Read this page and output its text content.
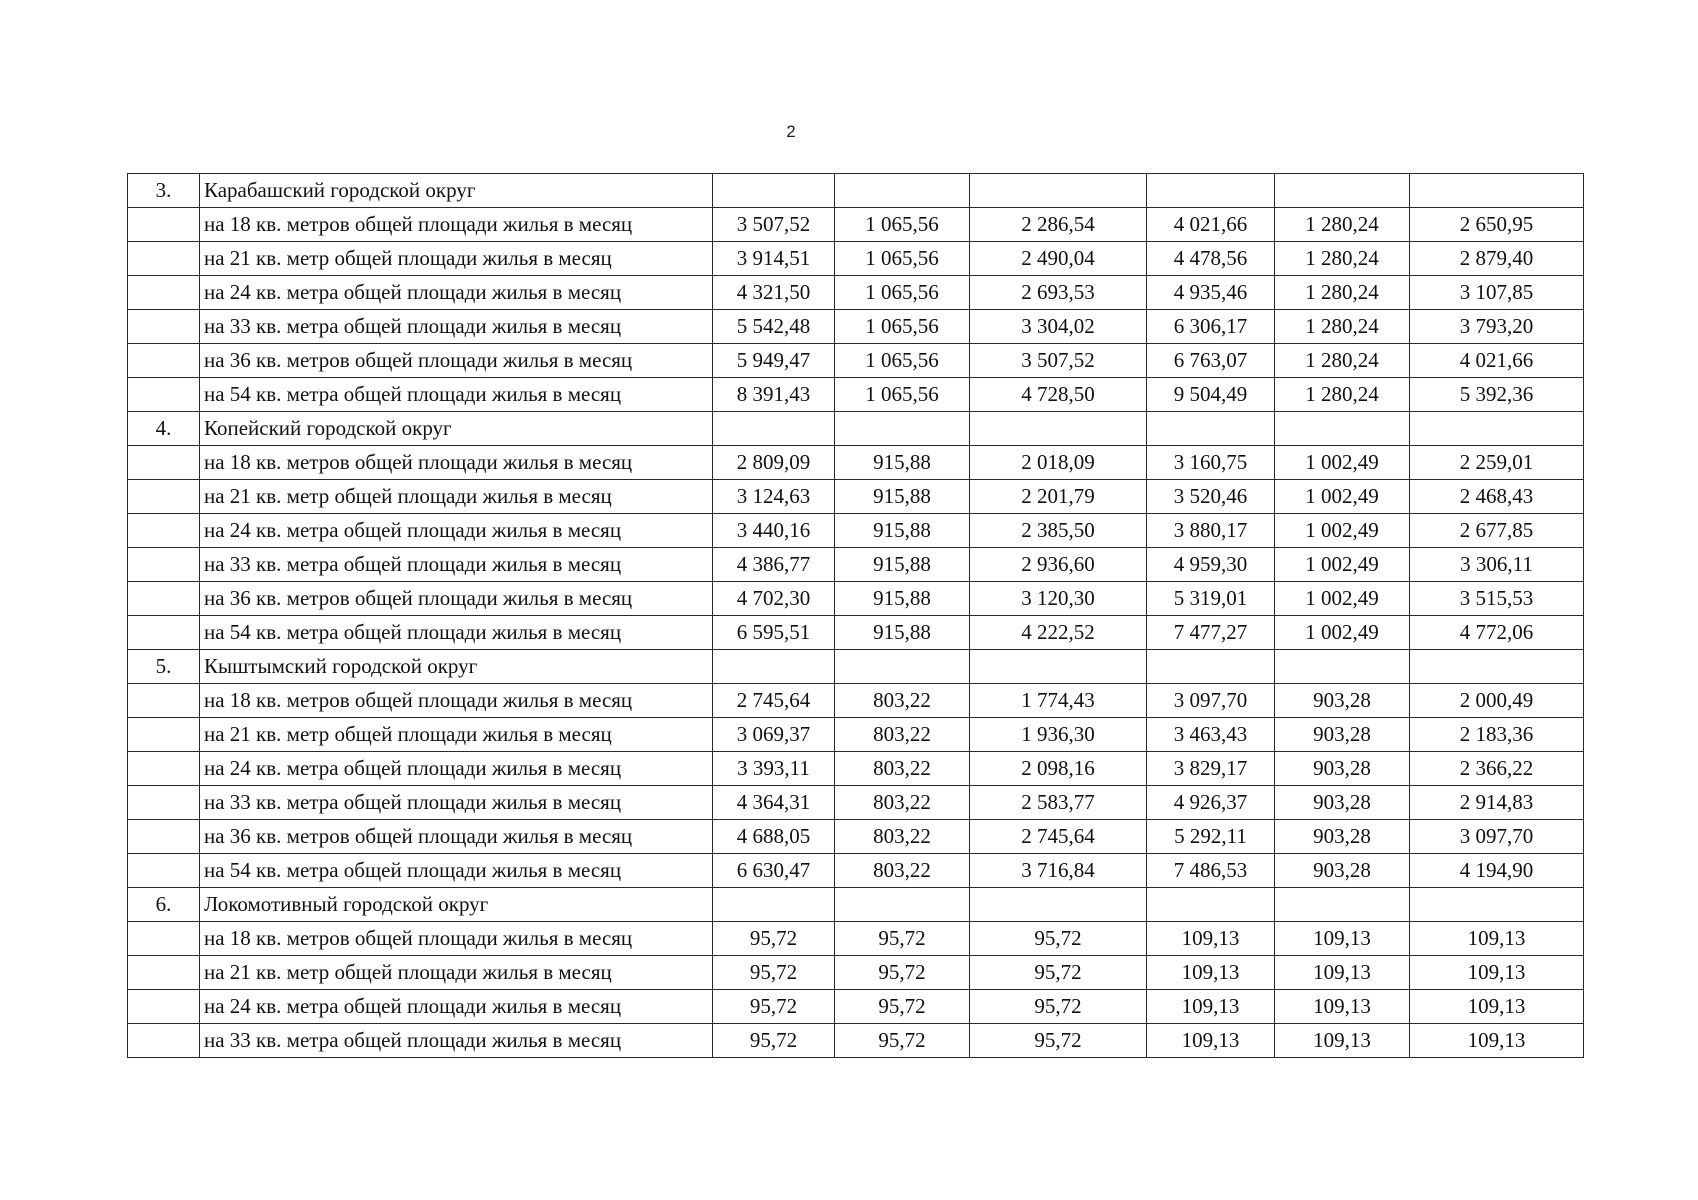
2
3.	Карабашский городской округ						
	на 18 кв. метров общей площади жилья в месяц	3 507,52	1 065,56	2 286,54	4 021,66	1 280,24	2 650,95
	на 21 кв. метр общей площади жилья в месяц	3 914,51	1 065,56	2 490,04	4 478,56	1 280,24	2 879,40
	на 24 кв. метра общей площади жилья в месяц	4 321,50	1 065,56	2 693,53	4 935,46	1 280,24	3 107,85
	на 33 кв. метра общей площади жилья в месяц	5 542,48	1 065,56	3 304,02	6 306,17	1 280,24	3 793,20
	на 36 кв. метров общей площади жилья в месяц	5 949,47	1 065,56	3 507,52	6 763,07	1 280,24	4 021,66
	на 54 кв. метра общей площади жилья в месяц	8 391,43	1 065,56	4 728,50	9 504,49	1 280,24	5 392,36
4.	Копейский городской округ						
	на 18 кв. метров общей площади жилья в месяц	2 809,09	915,88	2 018,09	3 160,75	1 002,49	2 259,01
	на 21 кв. метр общей площади жилья в месяц	3 124,63	915,88	2 201,79	3 520,46	1 002,49	2 468,43
	на 24 кв. метра общей площади жилья в месяц	3 440,16	915,88	2 385,50	3 880,17	1 002,49	2 677,85
	на 33 кв. метра общей площади жилья в месяц	4 386,77	915,88	2 936,60	4 959,30	1 002,49	3 306,11
	на 36 кв. метров общей площади жилья в месяц	4 702,30	915,88	3 120,30	5 319,01	1 002,49	3 515,53
	на 54 кв. метра общей площади жилья в месяц	6 595,51	915,88	4 222,52	7 477,27	1 002,49	4 772,06
5.	Кыштымский городской округ						
	на 18 кв. метров общей площади жилья в месяц	2 745,64	803,22	1 774,43	3 097,70	903,28	2 000,49
	на 21 кв. метр общей площади жилья в месяц	3 069,37	803,22	1 936,30	3 463,43	903,28	2 183,36
	на 24 кв. метра общей площади жилья в месяц	3 393,11	803,22	2 098,16	3 829,17	903,28	2 366,22
	на 33 кв. метра общей площади жилья в месяц	4 364,31	803,22	2 583,77	4 926,37	903,28	2 914,83
	на 36 кв. метров общей площади жилья в месяц	4 688,05	803,22	2 745,64	5 292,11	903,28	3 097,70
	на 54 кв. метра общей площади жилья в месяц	6 630,47	803,22	3 716,84	7 486,53	903,28	4 194,90
6.	Локомотивный городской округ						
	на 18 кв. метров общей площади жилья в месяц	95,72	95,72	95,72	109,13	109,13	109,13
	на 21 кв. метр общей площади жилья в месяц	95,72	95,72	95,72	109,13	109,13	109,13
	на 24 кв. метра общей площади жилья в месяц	95,72	95,72	95,72	109,13	109,13	109,13
	на 33 кв. метра общей площади жилья в месяц	95,72	95,72	95,72	109,13	109,13	109,13
